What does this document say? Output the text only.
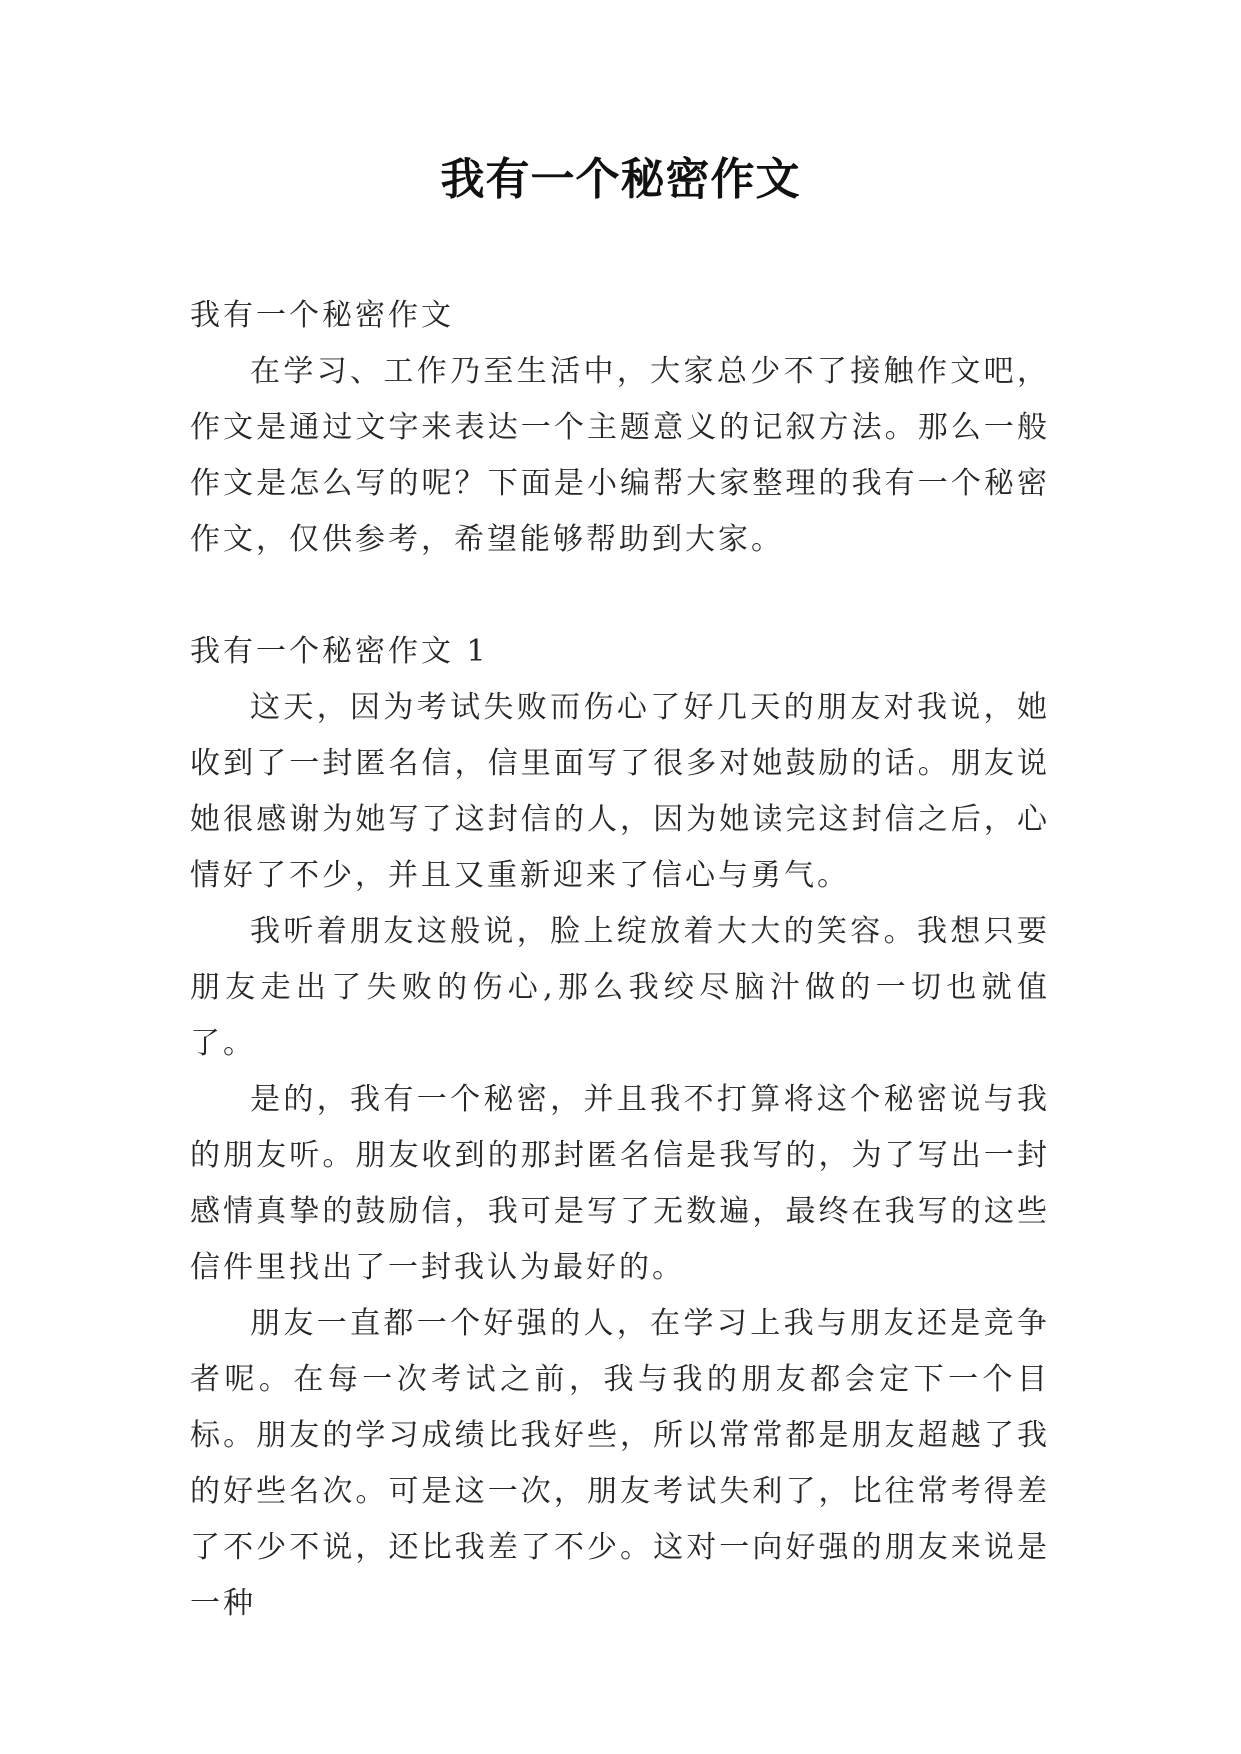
我有一个秘密作文

我有一个秘密作文

在学习、工作乃至生活中，大家总少不了接触作文吧，作文是通过文字来表达一个主题意义的记叙方法。那么一般作文是怎么写的呢？下面是小编帮大家整理的我有一个秘密作文，仅供参考，希望能够帮助到大家。

我有一个秘密作文 1

这天，因为考试失败而伤心了好几天的朋友对我说，她收到了一封匿名信，信里面写了很多对她鼓励的话。朋友说她很感谢为她写了这封信的人，因为她读完这封信之后，心情好了不少，并且又重新迎来了信心与勇气。

我听着朋友这般说，脸上绽放着大大的笑容。我想只要朋友走出了失败的伤心,那么我绞尽脑汁做的一切也就值了。

是的，我有一个秘密，并且我不打算将这个秘密说与我的朋友听。朋友收到的那封匿名信是我写的，为了写出一封感情真挚的鼓励信，我可是写了无数遍，最终在我写的这些信件里找出了一封我认为最好的。

朋友一直都一个好强的人，在学习上我与朋友还是竞争者呢。在每一次考试之前，我与我的朋友都会定下一个目标。朋友的学习成绩比我好些，所以常常都是朋友超越了我的好些名次。可是这一次，朋友考试失利了，比往常考得差了不少不说，还比我差了不少。这对一向好强的朋友来说是一种
